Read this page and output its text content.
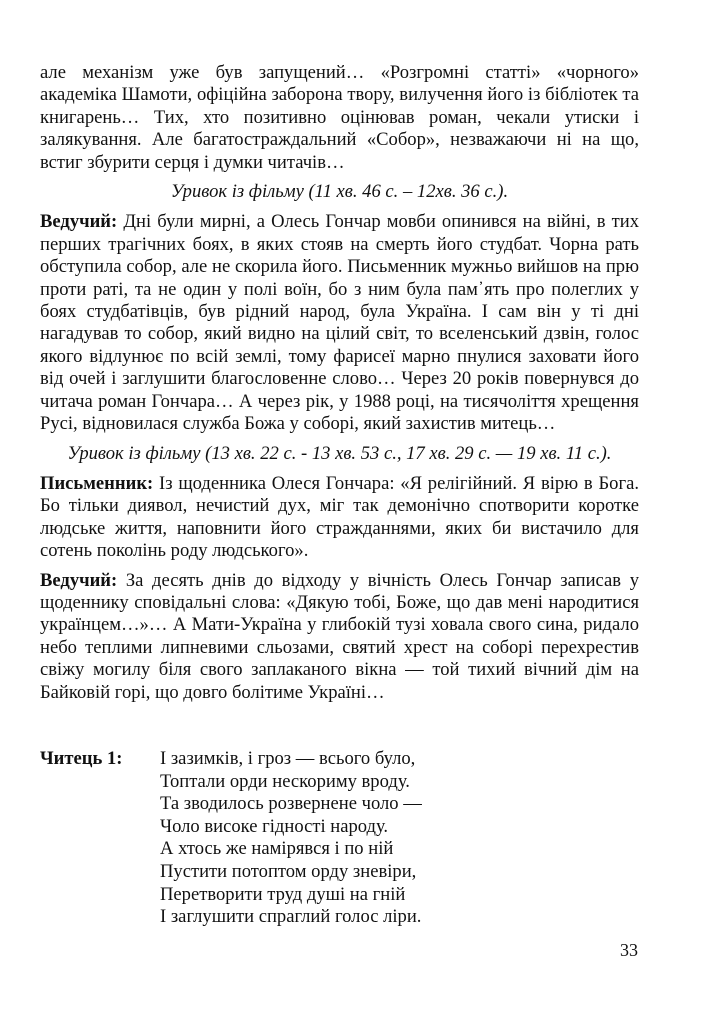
але механізм уже був запущений… «Розгромні статті» «чорного» академіка Шамоти, офіційна заборона твору, вилучення його із бібліотек та книгарень… Тих, хто позитивно оцінював роман, чекали утиски і залякування. Але багатостраждальний «Собор», незважаючи ні на що, встиг збурити серця і думки читачів…

Уривок із фільму (11 хв. 46 с. – 12хв. 36 с.).

Ведучий: Дні були мирні, а Олесь Гончар мовби опинився на війні, в тих перших трагічних боях, в яких стояв на смерть його студбат. Чорна рать обступила собор, але не скорила його. Письменник мужньо вийшов на прю проти раті, та не один у полі воїн, бо з ним була пам᾿ять про полеглих у боях студбатівців, був рідний народ, була Україна. І сам він у ті дні нагадував то собор, який видно на цілий світ, то вселенський дзвін, голос якого відлунює по всій землі, тому фарисеї марно пнулися заховати його від очей і заглушити благословенне слово… Через 20 років повернувся до читача роман Гончара… А через рік, у 1988 році, на тисячоліття хрещення Русі, відновилася служба Божа у соборі, який захистив митець…

Уривок із фільму (13 хв. 22 с. - 13 хв. 53 с., 17 хв. 29 с. — 19 хв. 11 с.).

Письменник: Із щоденника Олеся Гончара: «Я релігійний. Я вірю в Бога. Бо тільки диявол, нечистий дух, міг так демонічно спотворити коротке людське життя, наповнити його стражданнями, яких би вистачило для сотень поколінь роду людського».

Ведучий: За десять днів до відходу у вічність Олесь Гончар записав у щоденнику сповідальні слова: «Дякую тобі, Боже, що дав мені народитися українцем…»… А Мати-Україна у глибокій тузі ховала свого сина, ридало небо теплими липневими сльозами, святий хрест на соборі перехрестив свіжу могилу біля свого заплаканого вікна — той тихий вічний дім на Байковій горі, що довго болітиме Україні…

Читець 1: І зазимків, і гроз — всього було,
Топтали орди нескориму вроду.
Та зводилось розвернене чоло —
Чоло високе гідності народу.
А хтось же намірявся і по ній
Пустити потоптом орду зневіри,
Перетворити труд душі на гній
І заглушити спраглий голос ліри.
33
